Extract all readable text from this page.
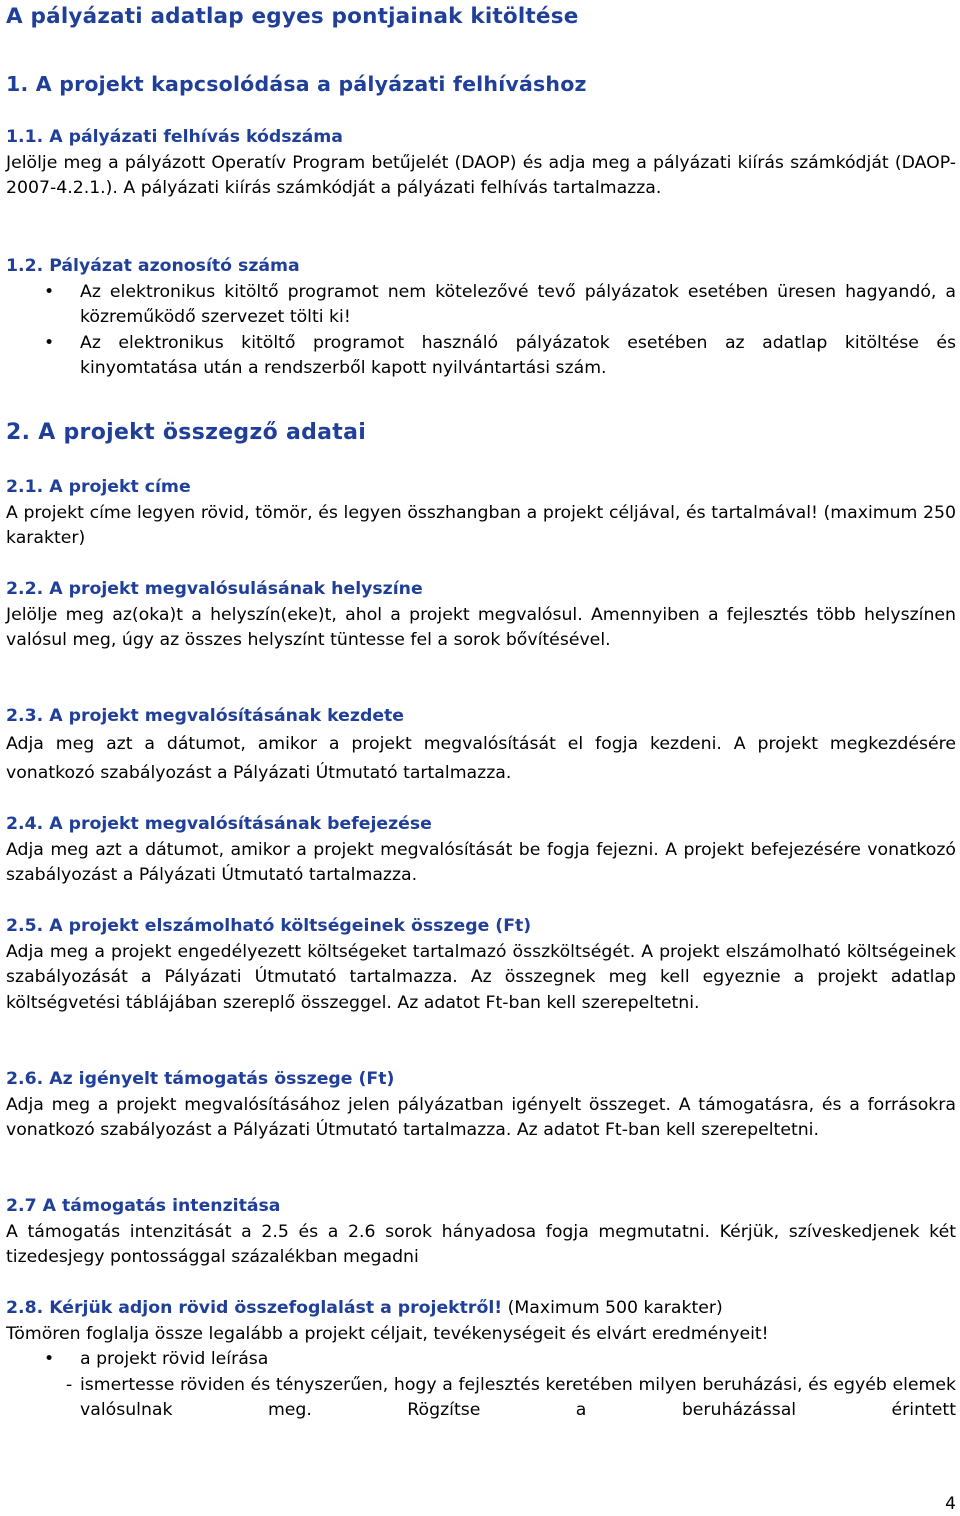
A pályázati adatlap egyes pontjainak kitöltése
1. A projekt kapcsolódása a pályázati felhíváshoz
1.1. A pályázati felhívás kódszáma

Jelölje meg a pályázott Operatív Program betűjelét (DAOP) és adja meg a pályázati kiírás számkódját (DAOP-2007-4.2.1.). A pályázati kiírás számkódját a pályázati felhívás tartalmazza.

1.2. Pályázat azonosító száma
• Az elektronikus kitöltő programot nem kötelezővé tevő pályázatok esetében üresen hagyandó, a közreműködő szervezet tölti ki!
• Az elektronikus kitöltő programot használó pályázatok esetében az adatlap kitöltése és kinyomtatása után a rendszerből kapott nyilvántartási szám.
2. A projekt összegző adatai
2.1. A projekt címe

A projekt címe legyen rövid, tömör, és legyen összhangban a projekt céljával, és tartalmával! (maximum 250 karakter)

2.2. A projekt megvalósulásának helyszíne

Jelölje meg az(oka)t a helyszín(eke)t, ahol a projekt megvalósul. Amennyiben a fejlesztés több helyszínen valósul meg, úgy az összes helyszínt tüntesse fel a sorok bővítésével.

2.3. A projekt megvalósításának kezdete

Adja meg azt a dátumot, amikor a projekt megvalósítását el fogja kezdeni. A projekt megkezdésére vonatkozó szabályozást a Pályázati Útmutató tartalmazza.

2.4. A projekt megvalósításának befejezése

Adja meg azt a dátumot, amikor a projekt megvalósítását be fogja fejezni. A projekt befejezésére vonatkozó szabályozást a Pályázati Útmutató tartalmazza.

2.5. A projekt elszámolható költségeinek összege (Ft)

Adja meg a projekt engedélyezett költségeket tartalmazó összköltségét. A projekt elszámolható költségeinek szabályozását a Pályázati Útmutató tartalmazza. Az összegnek meg kell egyeznie a projekt adatlap költségvetési táblájában szereplő összeggel. Az adatot Ft-ban kell szerepeltetni.

2.6. Az igényelt támogatás összege (Ft)

Adja meg a projekt megvalósításához jelen pályázatban igényelt összeget. A támogatásra, és a forrásokra vonatkozó szabályozást a Pályázati Útmutató tartalmazza. Az adatot Ft-ban kell szerepeltetni.

2.7 A támogatás intenzitása

A támogatás intenzitását a 2.5 és a 2.6 sorok hányadosa fogja megmutatni. Kérjük, szíveskedjenek két tizedesjegy pontossággal százalékban megadni

2.8. Kérjük adjon rövid összefoglalást a projektről! (Maximum 500 karakter)

Tömören foglalja össze legalább a projekt céljait, tevékenységeit és elvárt eredményeit!

• a projekt rövid leírása
- ismertesse röviden és tényszerűen, hogy a fejlesztés keretében milyen beruházási, és egyéb elemek valósulnak meg. Rögzítse a beruházással érintett
4
